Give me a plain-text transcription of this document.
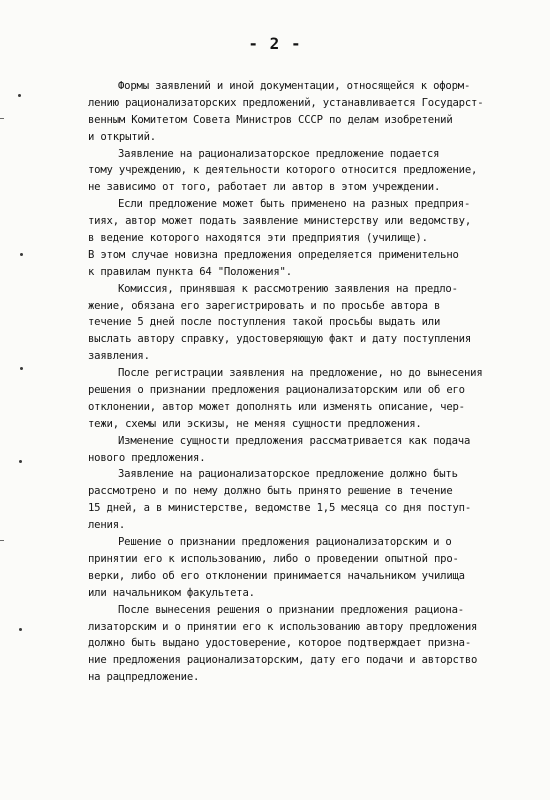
- 2 -
Формы заявлений и иной документации, относящейся к оформ-
лению рационализаторских предложений, устанавливается Государст-
венным Комитетом Совета Министров СССР по делам изобретений
и открытий.
Заявление на рационализаторское предложение подается
тому учреждению, к деятельности которого относится предложение,
не зависимо от того, работает ли автор в этом учреждении.
Если предложение может быть применено на разных предприя-
тиях, автор может подать заявление министерству или ведомству,
в ведение которого находятся эти предприятия (училище).
В этом случае новизна предложения определяется применительно
к правилам пункта 64 "Положения".
Комиссия, принявшая к рассмотрению заявления на предло-
жение, обязана его зарегистрировать и по просьбе автора в
течение 5 дней после поступления такой просьбы выдать или
выслать автору справку, удостоверяющую факт и дату поступления
заявления.
После регистрации заявления на предложение, но до вынесения
решения о признании предложения рационализаторским или об его
отклонении, автор может дополнять или изменять описание, чер-
тежи, схемы или эскизы, не меняя сущности предложения.
Изменение сущности предложения рассматривается как подача
нового предложения.
Заявление на рационализаторское предложение должно быть
рассмотрено и по нему должно быть принято решение в течение
15 дней, а в министерстве, ведомстве 1,5 месяца со дня поступ-
ления.
Решение о признании предложения рационализаторским и о
принятии его к использованию, либо о проведении опытной про-
верки, либо об его отклонении принимается начальником училища
или начальником факультета.
После вынесения решения о признании предложения рациона-
лизаторским и о принятии его к использованию автору предложения
должно быть выдано удостоверение, которое подтверждает призна-
ние предложения рационализаторским, дату его подачи и авторство
на рацпредложение.
